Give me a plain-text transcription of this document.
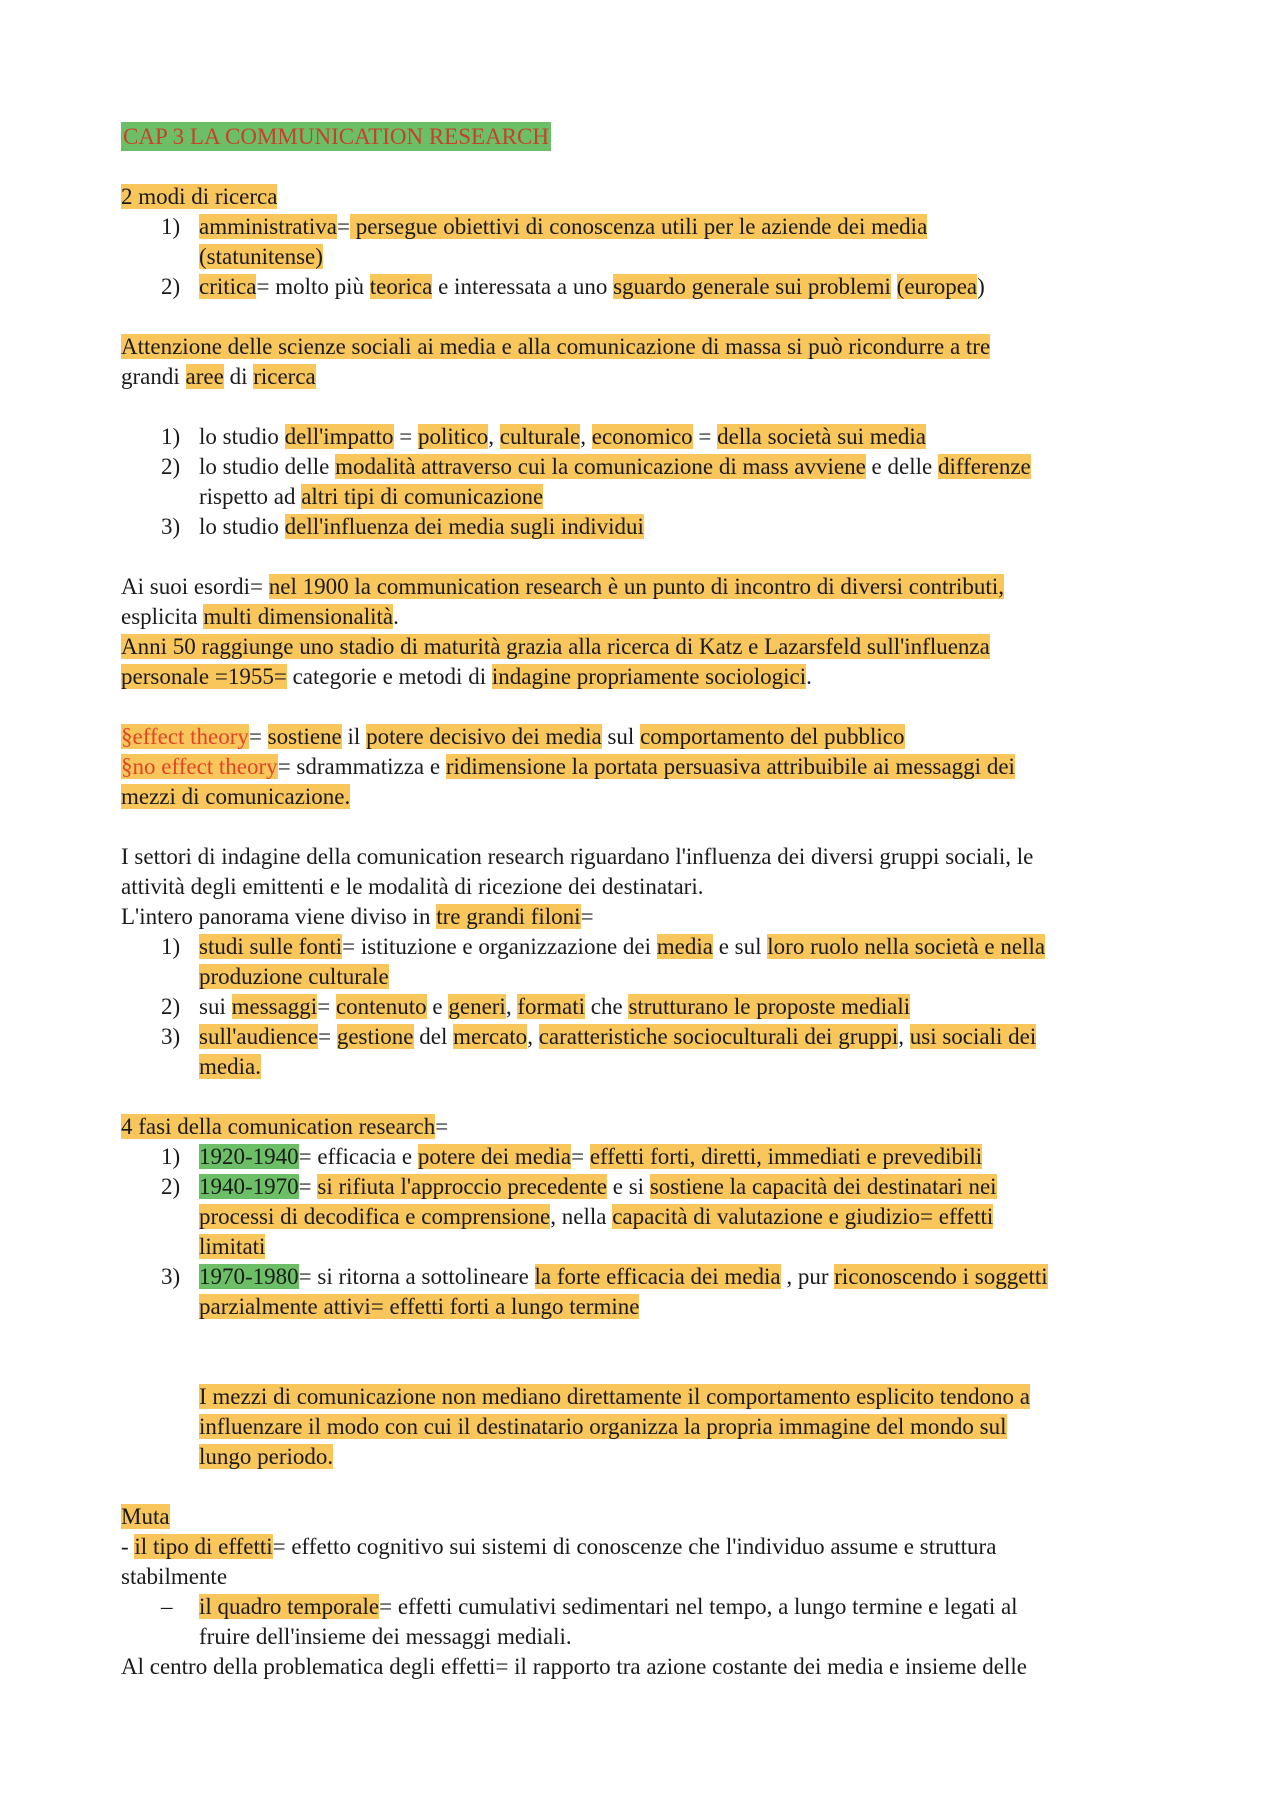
CAP 3 LA COMMUNICATION RESEARCH
2 modi di ricerca
1) amministrativa= persegue obiettivi di conoscenza utili per le aziende dei media
(statunitense)
2) critica= molto più teorica e interessata a uno sguardo generale sui problemi (europea)
Attenzione delle scienze sociali ai media e alla comunicazione di massa si può ricondurre a tre
grandi aree di ricerca
1) lo studio dell'impatto = politico, culturale, economico = della società sui media
2) lo studio delle modalità attraverso cui la comunicazione di mass avviene e delle differenze
rispetto ad altri tipi di comunicazione
3) lo studio dell'influenza dei media sugli individui
Ai suoi esordi= nel 1900 la communication research è un punto di incontro di diversi contributi,
esplicita multi dimensionalità.
Anni 50 raggiunge uno stadio di maturità grazia alla ricerca di Katz e Lazarsfeld sull'influenza
personale =1955= categorie e metodi di indagine propriamente sociologici.
§effect theory= sostiene il potere decisivo dei media sul comportamento del pubblico
§no effect theory= sdrammatizza e ridimensione la portata persuasiva attribuibile ai messaggi dei
mezzi di comunicazione.
I settori di indagine della comunication research riguardano l'influenza dei diversi gruppi sociali, le
attività degli emittenti e le modalità di ricezione dei destinatari.
L'intero panorama viene diviso in tre grandi filoni=
1) studi sulle fonti= istituzione e organizzazione dei media e sul loro ruolo nella società e nella
produzione culturale
2) sui messaggi= contenuto e generi, formati che strutturano le proposte mediali
3) sull'audience= gestione del mercato, caratteristiche socioculturali dei gruppi, usi sociali dei
media.
4 fasi della comunication research=
1) 1920-1940= efficacia e potere dei media= effetti forti, diretti, immediati e prevedibili
2) 1940-1970= si rifiuta l'approccio precedente e si sostiene la capacità dei destinatari nei
processi di decodifica e comprensione, nella capacità di valutazione e giudizio= effetti
limitati
3) 1970-1980= si ritorna a sottolineare la forte efficacia dei media , pur riconoscendo i soggetti
parzialmente attivi= effetti forti a lungo termine
I mezzi di comunicazione non mediano direttamente il comportamento esplicito tendono a
influenzare il modo con cui il destinatario organizza la propria immagine del mondo sul
lungo periodo.
Muta
- il tipo di effetti= effetto cognitivo sui sistemi di conoscenze che l'individuo assume e struttura
stabilmente
– il quadro temporale= effetti cumulativi sedimentari nel tempo, a lungo termine e legati al
fruire dell'insieme dei messaggi mediali.
Al centro della problematica degli effetti= il rapporto tra azione costante dei media e insieme delle
